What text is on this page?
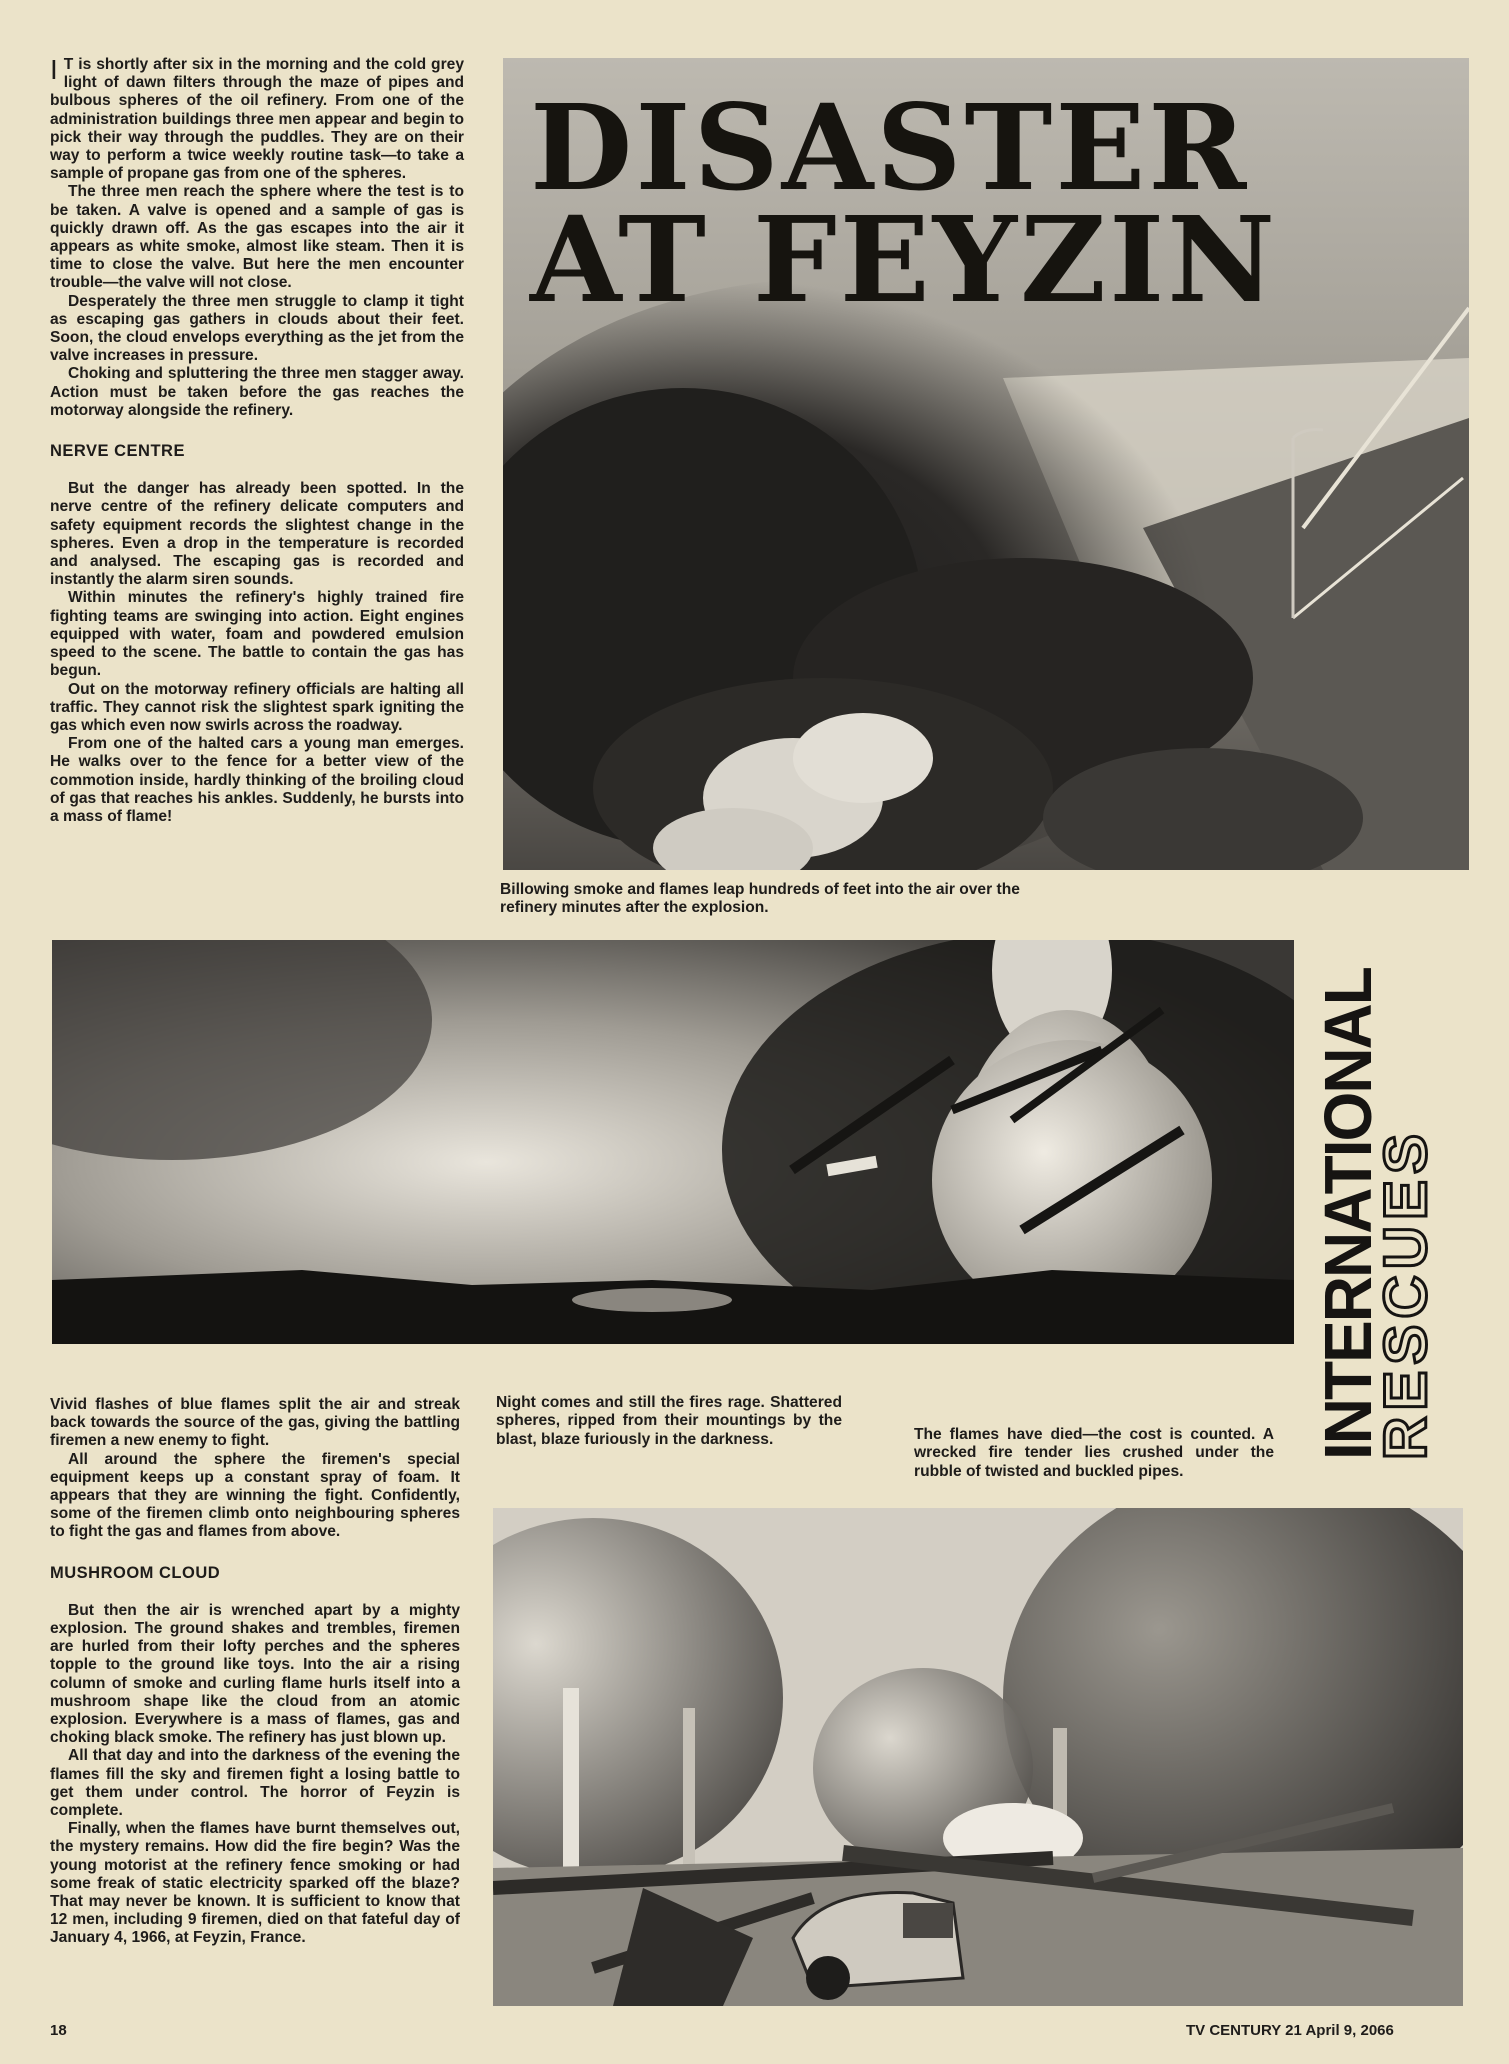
I T is shortly after six in the morning and the cold grey light of dawn filters through the maze of pipes and bulbous spheres of the oil refinery. From one of the administration buildings three men appear and begin to pick their way through the puddles. They are on their way to perform a twice weekly routine task—to take a sample of propane gas from one of the spheres.

The three men reach the sphere where the test is to be taken. A valve is opened and a sample of gas is quickly drawn off. As the gas escapes into the air it appears as white smoke, almost like steam. Then it is time to close the valve. But here the men encounter trouble—the valve will not close.

Desperately the three men struggle to clamp it tight as escaping gas gathers in clouds about their feet. Soon, the cloud envelops everything as the jet from the valve increases in pressure.

Choking and spluttering the three men stagger away. Action must be taken before the gas reaches the motorway alongside the refinery.

NERVE CENTRE

But the danger has already been spotted. In the nerve centre of the refinery delicate computers and safety equipment records the slightest change in the spheres. Even a drop in the temperature is recorded and analysed. The escaping gas is recorded and instantly the alarm siren sounds.

Within minutes the refinery's highly trained fire fighting teams are swinging into action. Eight engines equipped with water, foam and powdered emulsion speed to the scene. The battle to contain the gas has begun.

Out on the motorway refinery officials are halting all traffic. They cannot risk the slightest spark igniting the gas which even now swirls across the roadway.

From one of the halted cars a young man emerges. He walks over to the fence for a better view of the commotion inside, hardly thinking of the broiling cloud of gas that reaches his ankles. Suddenly, he bursts into a mass of flame!

DISASTER
AT FEYZIN
Billowing smoke and flames leap hundreds of feet into the air over the refinery minutes after the explosion.
INTERNATIONAL
RESCUES

Vivid flashes of blue flames split the air and streak back towards the source of the gas, giving the battling firemen a new enemy to fight.

All around the sphere the firemen's special equipment keeps up a constant spray of foam. It appears that they are winning the fight. Confidently, some of the firemen climb onto neighbouring spheres to fight the gas and flames from above.

MUSHROOM CLOUD

But then the air is wrenched apart by a mighty explosion. The ground shakes and trembles, firemen are hurled from their lofty perches and the spheres topple to the ground like toys. Into the air a rising column of smoke and curling flame hurls itself into a mushroom shape like the cloud from an atomic explosion. Everywhere is a mass of flames, gas and choking black smoke. The refinery has just blown up.

All that day and into the darkness of the evening the flames fill the sky and firemen fight a losing battle to get them under control. The horror of Feyzin is complete.

Finally, when the flames have burnt themselves out, the mystery remains. How did the fire begin? Was the young motorist at the refinery fence smoking or had some freak of static electricity sparked off the blaze? That may never be known. It is sufficient to know that 12 men, including 9 firemen, died on that fateful day of January 4, 1966, at Feyzin, France.

Night comes and still the fires rage. Shattered spheres, ripped from their mountings by the blast, blaze furiously in the darkness.	The flames have died—the cost is counted. A wrecked fire tender lies crushed under the rubble of twisted and buckled pipes.
18	TV CENTURY 21 April 9, 2066
